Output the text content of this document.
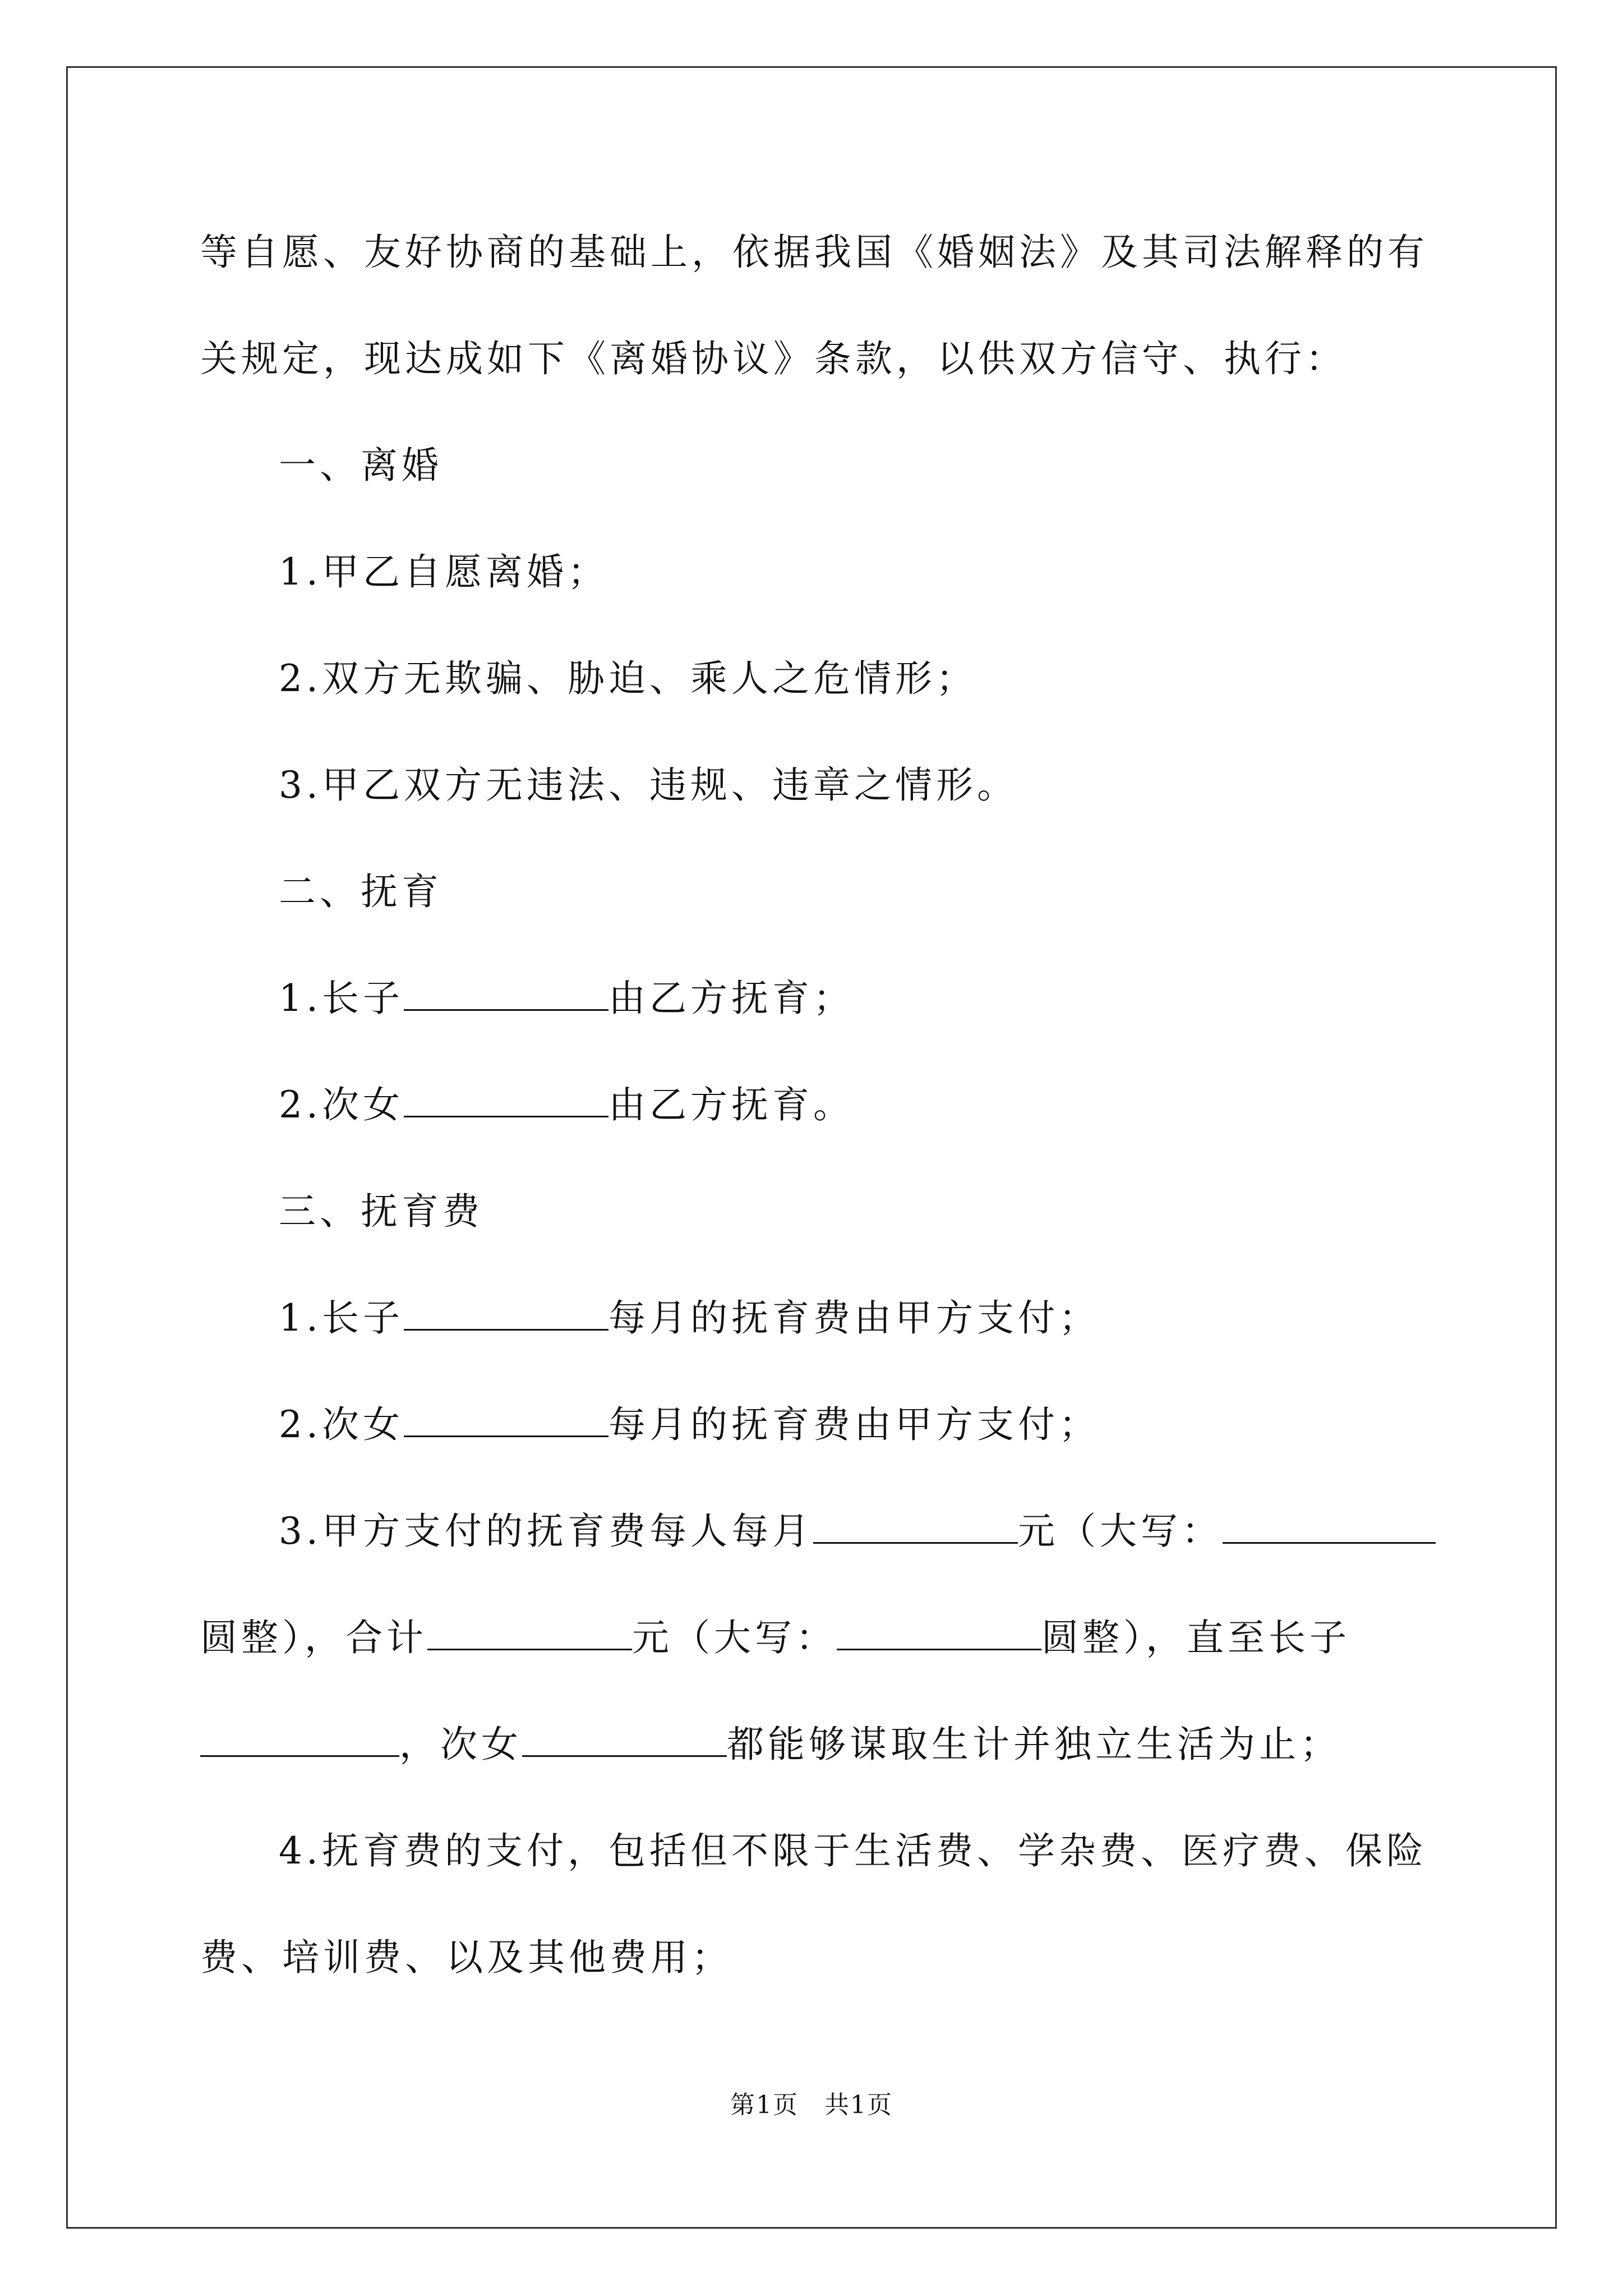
等自愿、友好协商的基础上，依据我国《婚姻法》及其司法解释的有
关规定，现达成如下《离婚协议》条款，以供双方信守、执行：
一、离婚
1.甲乙自愿离婚；
2.双方无欺骗、胁迫、乘人之危情形；
3.甲乙双方无违法、违规、违章之情形。
二、抚育
1.长子	由乙方抚育；
2.次女	由乙方抚育。
三、抚育费
1.长子	每月的抚育费由甲方支付；
2.次女	每月的抚育费由甲方支付；
3.甲方支付的抚育费每人每月	元（大写：
圆整），合计	元（大写：	圆整），直至长子
，次女	都能够谋取生计并独立生活为止；
4.抚育费的支付，包括但不限于生活费、学杂费、医疗费、保险
费、培训费、以及其他费用；
第1页　共1页
